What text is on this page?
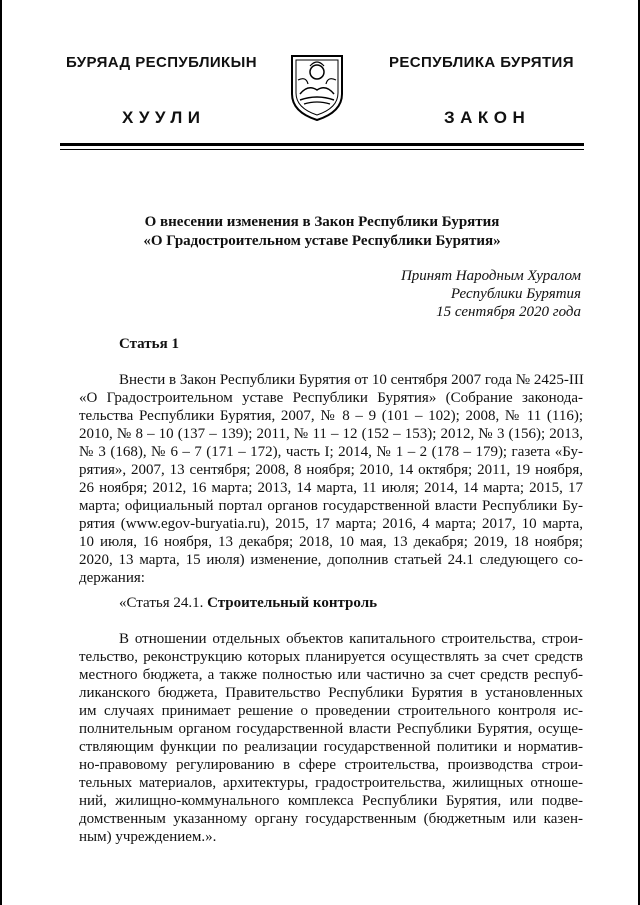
БУРЯАД РЕСПУБЛИКЫН
ХУУЛИ
РЕСПУБЛИКА БУРЯТИЯ
ЗАКОН
О внесении изменения в Закон Республики Бурятия
«О Градостроительном уставе Республики Бурятия»
Принят Народным Хуралом
Республики Бурятия
15 сентября 2020 года
Статья 1
Внести в Закон Республики Бурятия от 10 сентября 2007 года № 2425-III
«О Градостроительном уставе Республики Бурятия» (Собрание законода-
тельства Республики Бурятия, 2007, № 8 – 9 (101 – 102); 2008, № 11 (116);
2010, № 8 – 10 (137 – 139); 2011, № 11 – 12 (152 – 153); 2012, № 3 (156); 2013,
№ 3 (168), № 6 – 7 (171 – 172), часть I; 2014, № 1 – 2 (178 – 179); газета «Бу-
рятия», 2007, 13 сентября; 2008, 8 ноября; 2010, 14 октября; 2011, 19 ноября,
26 ноября; 2012, 16 марта; 2013, 14 марта, 11 июля; 2014, 14 марта; 2015, 17
марта; официальный портал органов государственной власти Республики Бу-
рятия (www.egov-buryatia.ru), 2015, 17 марта; 2016, 4 марта; 2017, 10 марта,
10 июля, 16 ноября, 13 декабря; 2018, 10 мая, 13 декабря; 2019, 18 ноября;
2020, 13 марта, 15 июля) изменение, дополнив статьей 24.1 следующего со-
держания:
«Статья 24.1. Строительный контроль
В отношении отдельных объектов капитального строительства, строи-
тельство, реконструкцию которых планируется осуществлять за счет средств
местного бюджета, а также полностью или частично за счет средств респуб-
ликанского бюджета, Правительство Республики Бурятия в установленных
им случаях принимает решение о проведении строительного контроля ис-
полнительным органом государственной власти Республики Бурятия, осуще-
ствляющим функции по реализации государственной политики и норматив-
но-правовому регулированию в сфере строительства, производства строи-
тельных материалов, архитектуры, градостроительства, жилищных отноше-
ний, жилищно-коммунального комплекса Республики Бурятия, или подве-
домственным указанному органу государственным (бюджетным или казен-
ным) учреждением.».
